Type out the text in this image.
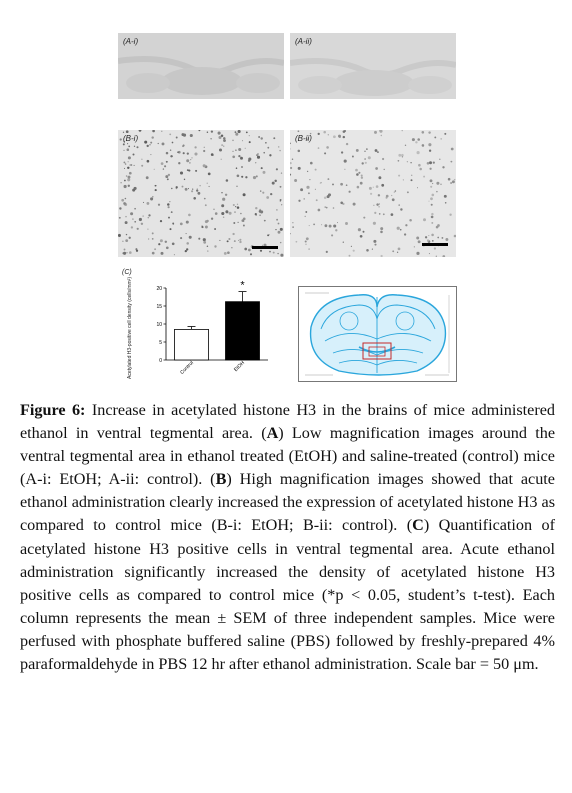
(A-i)	(A-ii)
(B-i)	(B-ii)
(C)
Acetylated H3-positive cell density (cells/mm²)	0
5
10
15
20
Control
*
EtOH
Figure 6: Increase in acetylated histone H3 in the brains of mice administered ethanol in ventral tegmental area. (A) Low magnification images around the ventral tegmental area in ethanol treated (EtOH) and saline-treated (control) mice (A-i: EtOH; A-ii: control). (B) High magnification images showed that acute ethanol administration clearly increased the expression of acetylated histone H3 as compared to control mice (B-i: EtOH; B-ii: control). (C) Quantification of acetylated histone H3 positive cells in ventral tegmental area. Acute ethanol administration significantly increased the density of acetylated histone H3 positive cells as compared to control mice (*p < 0.05, student’s t-test). Each column represents the mean ± SEM of three independent samples. Mice were perfused with phosphate buffered saline (PBS) followed by freshly-prepared 4% paraformaldehyde in PBS 12 hr after ethanol administration. Scale bar = 50 μm.
